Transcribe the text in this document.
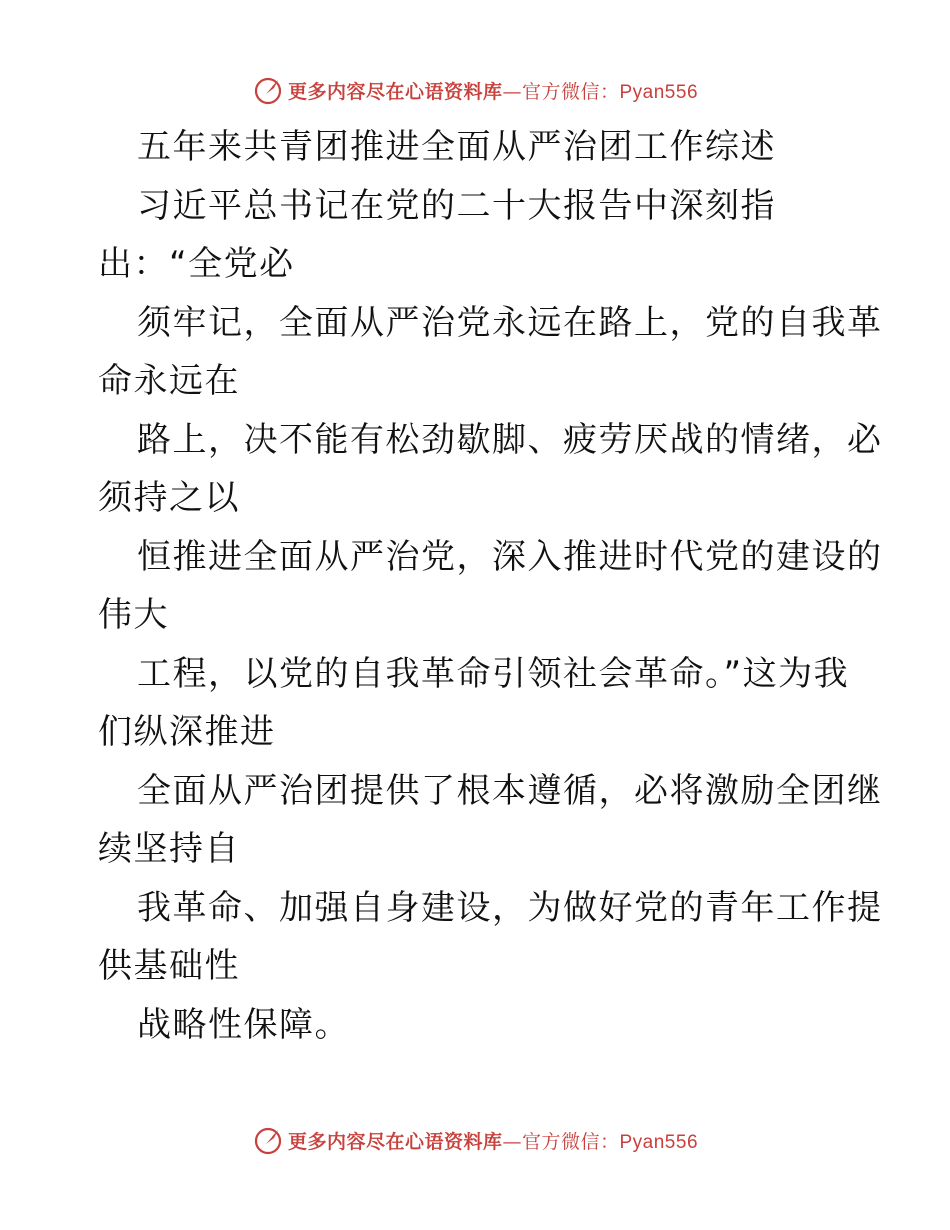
更多内容尽在心语资料库—官方微信：Pyan556
五年来共青团推进全面从严治团工作综述
习近平总书记在党的二十大报告中深刻指
出：“全党必
须牢记，全面从严治党永远在路上，党的自我革
命永远在
路上，决不能有松劲歇脚、疲劳厌战的情绪，必
须持之以
恒推进全面从严治党，深入推进时代党的建设的
伟大
工程，以党的自我革命引领社会革命。”这为我
们纵深推进
全面从严治团提供了根本遵循，必将激励全团继
续坚持自
我革命、加强自身建设，为做好党的青年工作提
供基础性
战略性保障。
更多内容尽在心语资料库—官方微信：Pyan556
